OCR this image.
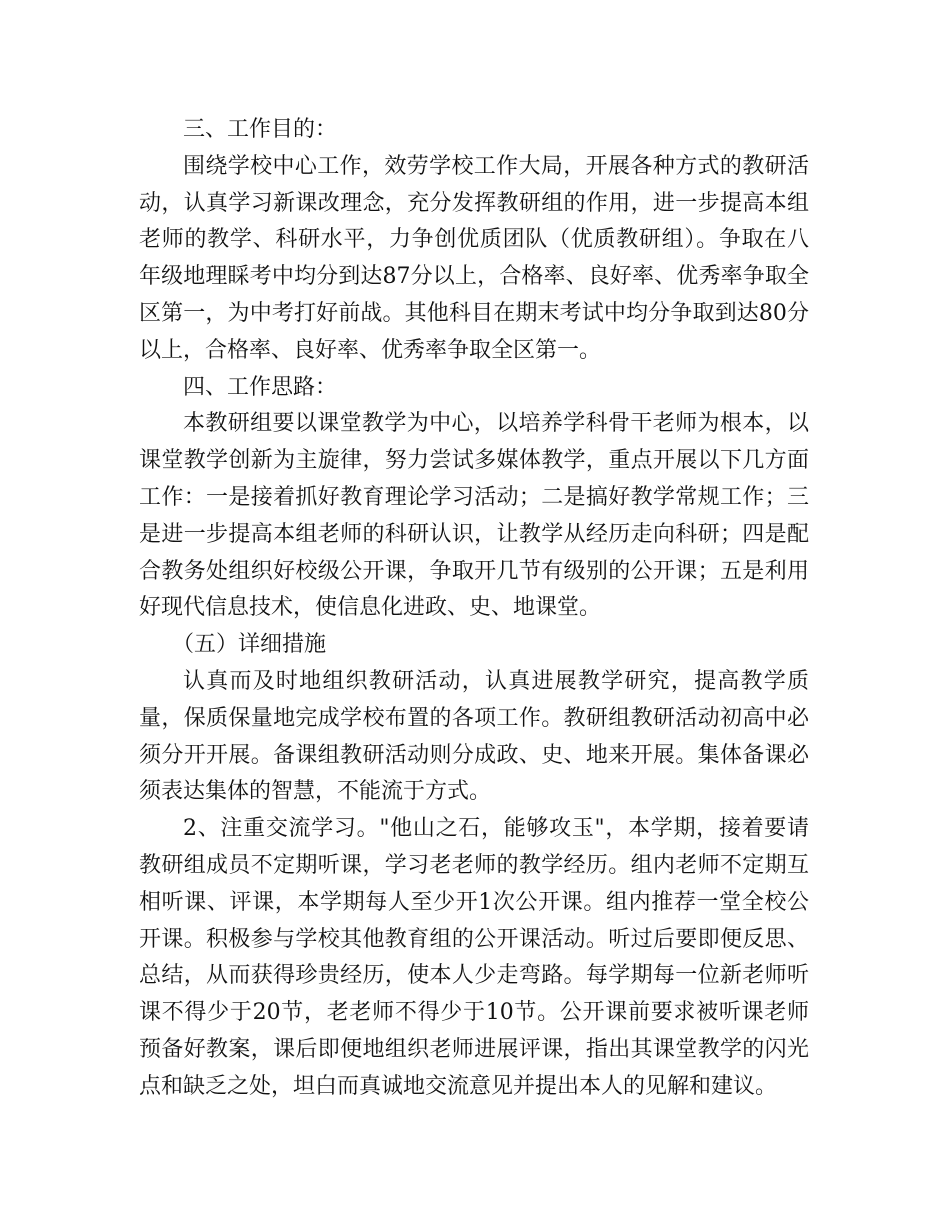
三、工作目的：

围绕学校中心工作，效劳学校工作大局，开展各种方式的教研活动，认真学习新课改理念，充分发挥教研组的作用，进一步提高本组老师的教学、科研水平，力争创优质团队（优质教研组）。争取在八年级地理睬考中均分到达87分以上，合格率、良好率、优秀率争取全区第一，为中考打好前战。其他科目在期末考试中均分争取到达80分以上，合格率、良好率、优秀率争取全区第一。

四、工作思路：

本教研组要以课堂教学为中心，以培养学科骨干老师为根本，以课堂教学创新为主旋律，努力尝试多媒体教学，重点开展以下几方面工作：一是接着抓好教育理论学习活动；二是搞好教学常规工作；三是进一步提高本组老师的科研认识，让教学从经历走向科研；四是配合教务处组织好校级公开课，争取开几节有级别的公开课；五是利用好现代信息技术，使信息化进政、史、地课堂。

（五）详细措施

认真而及时地组织教研活动，认真进展教学研究，提高教学质量，保质保量地完成学校布置的各项工作。教研组教研活动初高中必须分开开展。备课组教研活动则分成政、史、地来开展。集体备课必须表达集体的智慧，不能流于方式。

2、注重交流学习。"他山之石，能够攻玉"，本学期，接着要请教研组成员不定期听课，学习老老师的教学经历。组内老师不定期互相听课、评课，本学期每人至少开1次公开课。组内推荐一堂全校公开课。积极参与学校其他教育组的公开课活动。听过后要即便反思、总结，从而获得珍贵经历，使本人少走弯路。每学期每一位新老师听课不得少于20节，老老师不得少于10节。公开课前要求被听课老师预备好教案，课后即便地组织老师进展评课，指出其课堂教学的闪光点和缺乏之处，坦白而真诚地交流意见并提出本人的见解和建议。
